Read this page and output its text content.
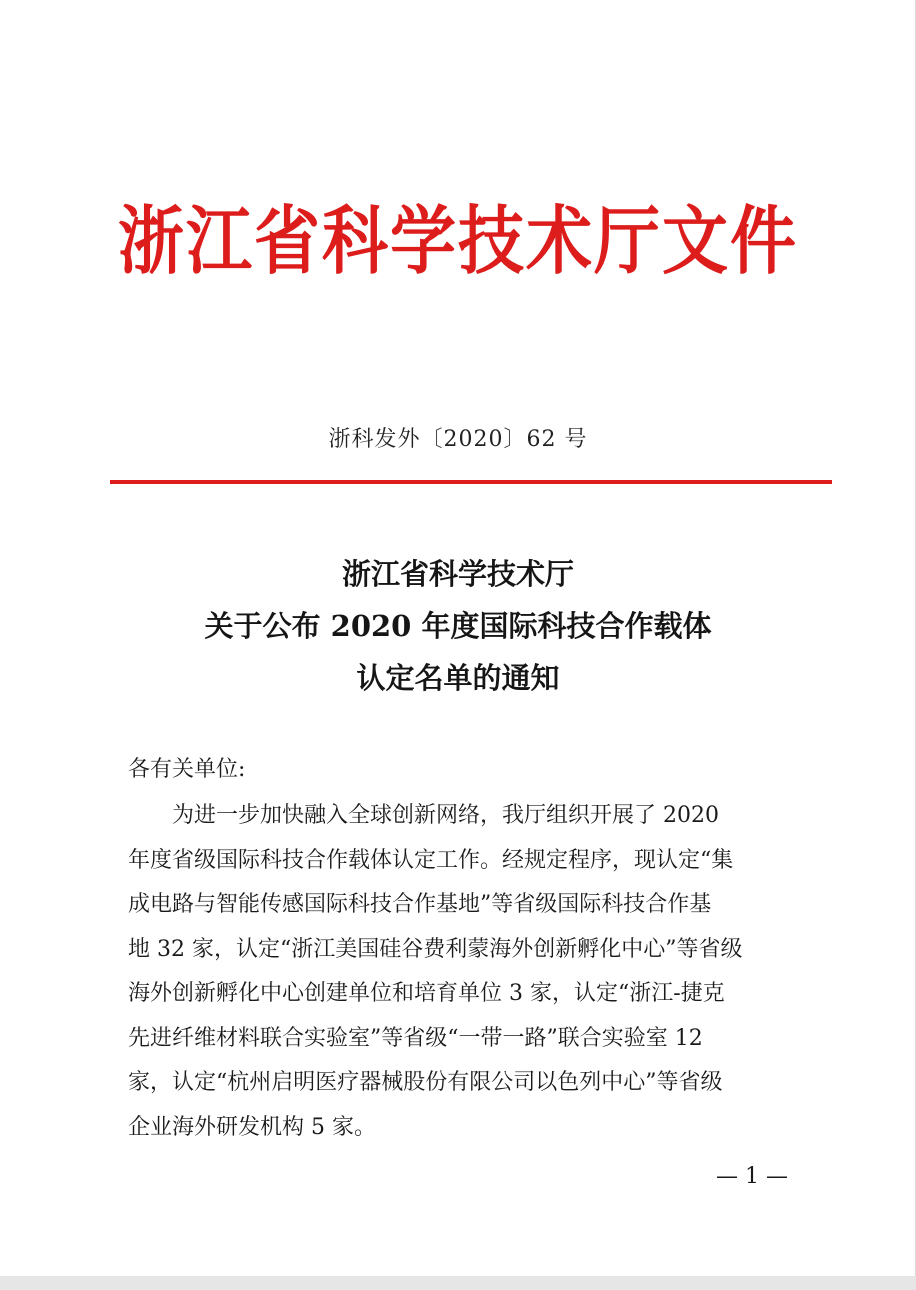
浙江省科学技术厅文件
浙科发外〔2020〕62 号
浙江省科学技术厅
关于公布 2020 年度国际科技合作载体
认定名单的通知
各有关单位:
　　为进一步加快融入全球创新网络，我厅组织开展了 2020
年度省级国际科技合作载体认定工作。经规定程序，现认定“集
成电路与智能传感国际科技合作基地”等省级国际科技合作基
地 32 家，认定“浙江美国硅谷费利蒙海外创新孵化中心”等省级
海外创新孵化中心创建单位和培育单位 3 家，认定“浙江-捷克
先进纤维材料联合实验室”等省级“一带一路”联合实验室 12
家，认定“杭州启明医疗器械股份有限公司以色列中心”等省级
企业海外研发机构 5 家。
— 1 —
